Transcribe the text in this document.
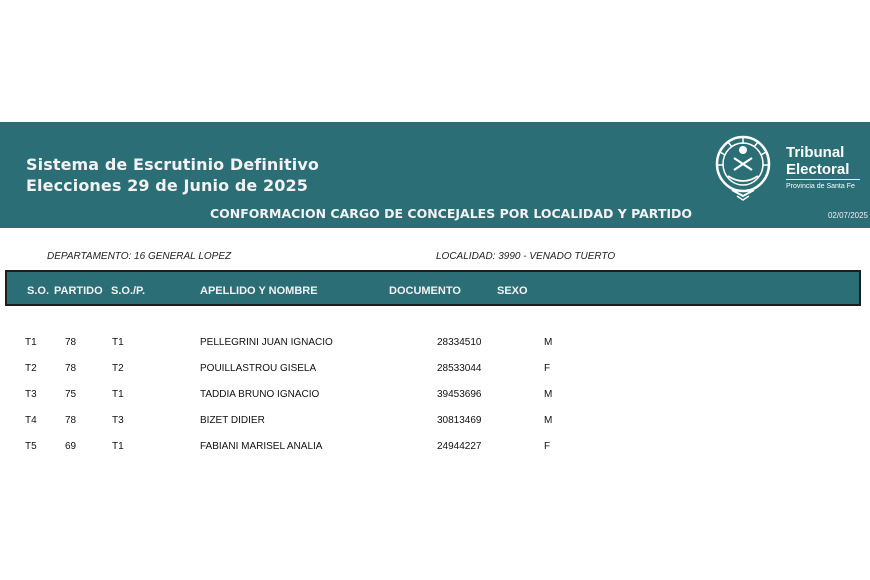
Sistema de Escrutinio Definitivo
Elecciones 29 de Junio de 2025
CONFORMACION CARGO DE CONCEJALES POR LOCALIDAD Y PARTIDO
Tribunal
Electoral
Provincia de Santa Fe
02/07/2025
DEPARTAMENTO: 16 GENERAL LOPEZ	LOCALIDAD: 3990 - VENADO TUERTO
S.O. PARTIDO S.O./P.	APELLIDO Y NOMBRE	DOCUMENTO	SEXO
T1	78	T1	PELLEGRINI JUAN IGNACIO	28334510	M
T2	78	T2	POUILLASTROU GISELA	28533044	F
T3	75	T1	TADDIA BRUNO IGNACIO	39453696	M
T4	78	T3	BIZET DIDIER	30813469	M
T5	69	T1	FABIANI MARISEL ANALIA	24944227	F
